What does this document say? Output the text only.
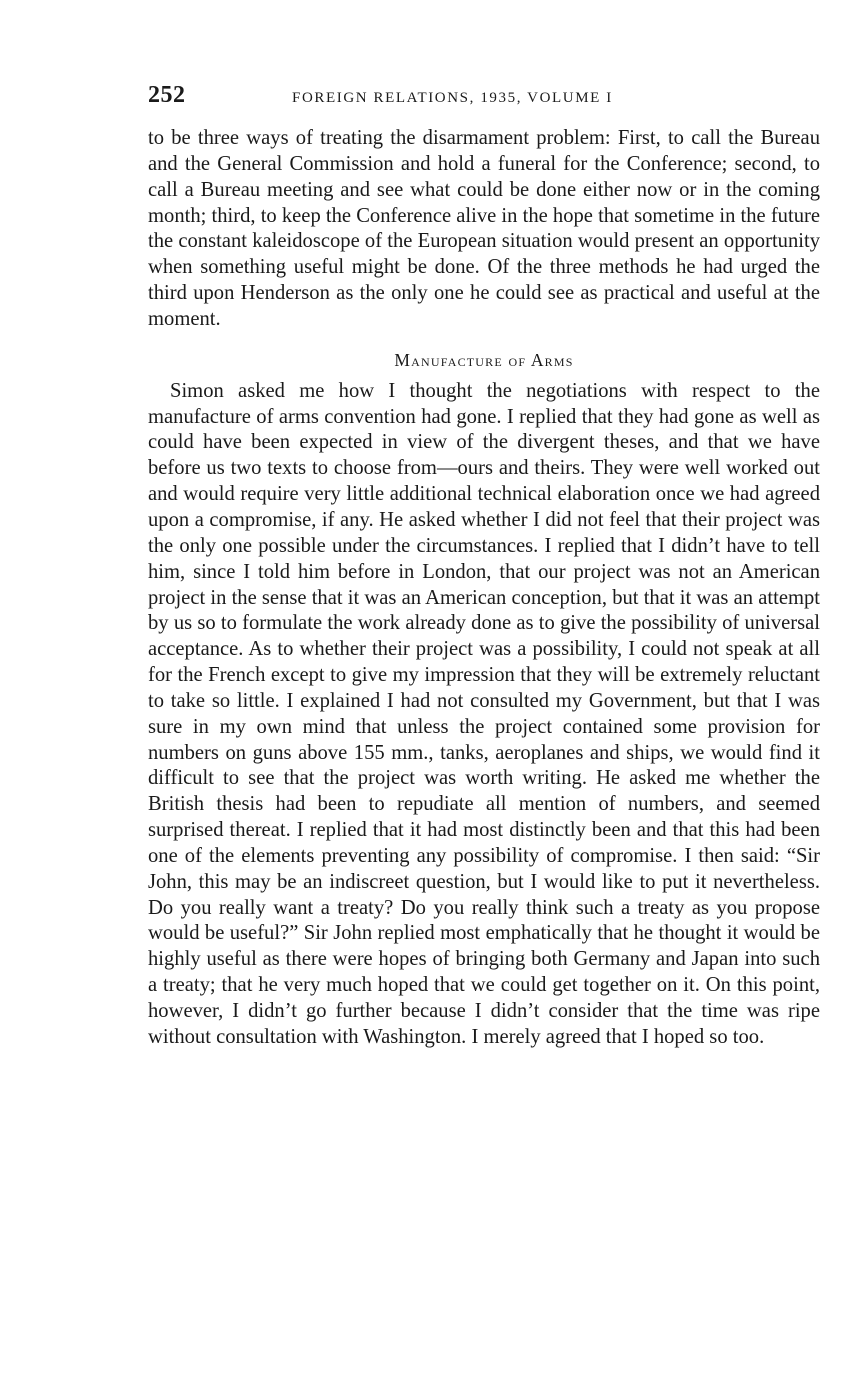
252	FOREIGN RELATIONS, 1935, VOLUME I

to be three ways of treating the disarmament problem: First, to call the Bureau and the General Commission and hold a funeral for the Conference; second, to call a Bureau meeting and see what could be done either now or in the coming month; third, to keep the Conference alive in the hope that sometime in the future the constant kaleidoscope of the European situation would present an opportunity when something useful might be done. Of the three methods he had urged the third upon Henderson as the only one he could see as practical and useful at the moment.

Manufacture of Arms

Simon asked me how I thought the negotiations with respect to the manufacture of arms convention had gone. I replied that they had gone as well as could have been expected in view of the divergent theses, and that we have before us two texts to choose from—ours and theirs. They were well worked out and would require very little additional technical elaboration once we had agreed upon a compromise, if any. He asked whether I did not feel that their project was the only one possible under the circumstances. I replied that I didn’t have to tell him, since I told him before in London, that our project was not an American project in the sense that it was an American conception, but that it was an attempt by us so to formulate the work already done as to give the possibility of universal acceptance. As to whether their project was a possibility, I could not speak at all for the French except to give my impression that they will be extremely reluctant to take so little. I explained I had not consulted my Government, but that I was sure in my own mind that unless the project contained some provision for numbers on guns above 155 mm., tanks, aeroplanes and ships, we would find it difficult to see that the project was worth writing. He asked me whether the British thesis had been to repudiate all mention of numbers, and seemed surprised thereat. I replied that it had most distinctly been and that this had been one of the elements preventing any possibility of compromise. I then said: “Sir John, this may be an indiscreet question, but I would like to put it nevertheless. Do you really want a treaty? Do you really think such a treaty as you propose would be useful?” Sir John replied most emphatically that he thought it would be highly useful as there were hopes of bringing both Germany and Japan into such a treaty; that he very much hoped that we could get together on it. On this point, however, I didn’t go further because I didn’t consider that the time was ripe without consultation with Washington. I merely agreed that I hoped so too.
